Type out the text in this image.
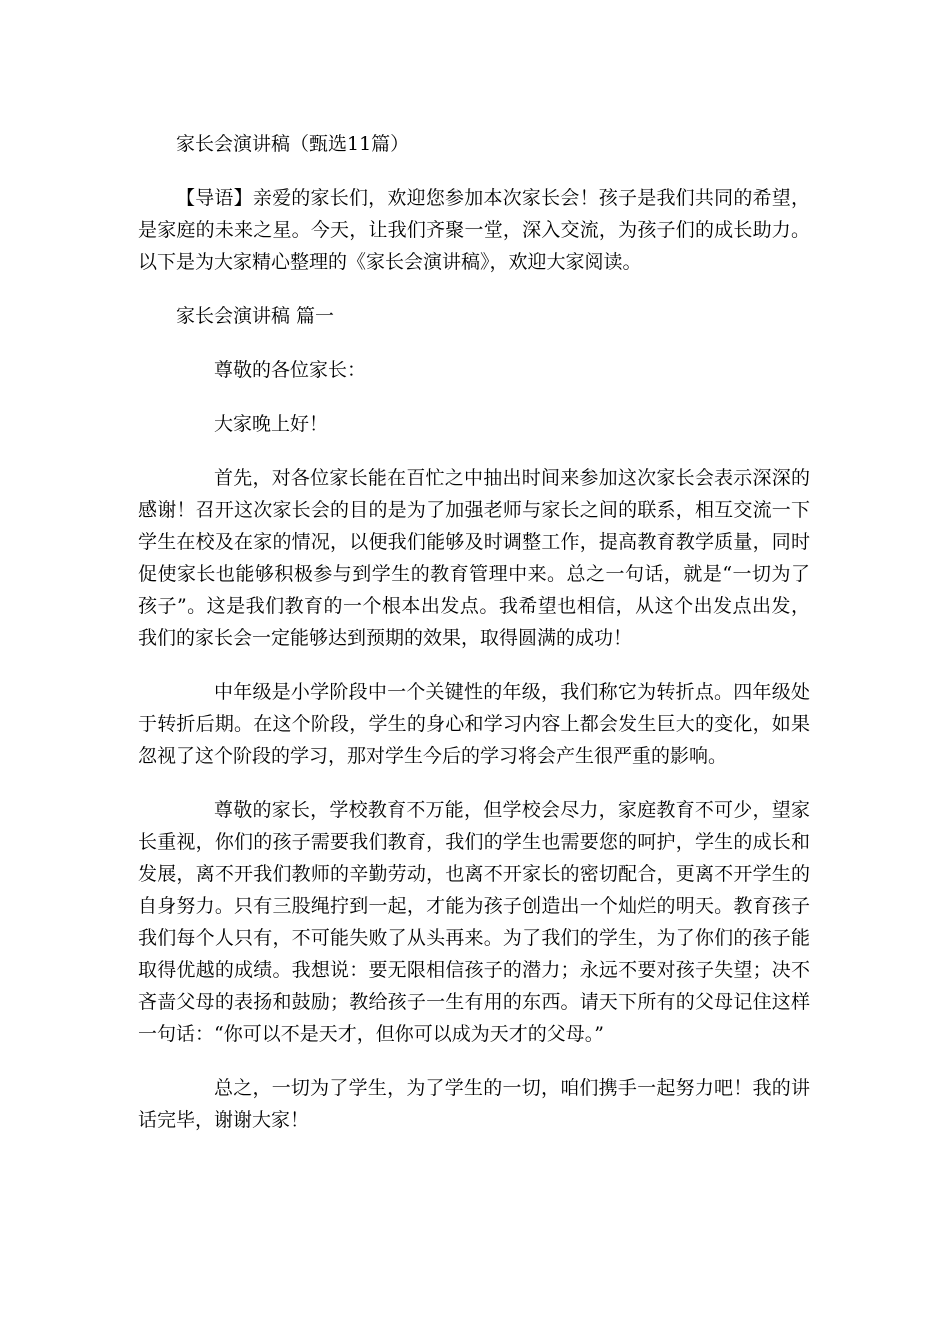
家长会演讲稿（甄选11篇）

【导语】亲爱的家长们，欢迎您参加本次家长会！孩子是我们共同的希望，是家庭的未来之星。今天，让我们齐聚一堂，深入交流，为孩子们的成长助力。以下是为大家精心整理的《家长会演讲稿》，欢迎大家阅读。

家长会演讲稿 篇一

尊敬的各位家长：

大家晚上好！

首先，对各位家长能在百忙之中抽出时间来参加这次家长会表示深深的感谢！召开这次家长会的目的是为了加强老师与家长之间的联系，相互交流一下学生在校及在家的情况，以便我们能够及时调整工作，提高教育教学质量，同时促使家长也能够积极参与到学生的教育管理中来。总之一句话，就是“一切为了孩子”。这是我们教育的一个根本出发点。我希望也相信，从这个出发点出发，我们的家长会一定能够达到预期的效果，取得圆满的成功！

中年级是小学阶段中一个关键性的年级，我们称它为转折点。四年级处于转折后期。在这个阶段，学生的身心和学习内容上都会发生巨大的变化，如果忽视了这个阶段的学习，那对学生今后的学习将会产生很严重的影响。

尊敬的家长，学校教育不万能，但学校会尽力，家庭教育不可少，望家长重视，你们的孩子需要我们教育，我们的学生也需要您的呵护，学生的成长和发展，离不开我们教师的辛勤劳动，也离不开家长的密切配合，更离不开学生的自身努力。只有三股绳拧到一起，才能为孩子创造出一个灿烂的明天。教育孩子我们每个人只有，不可能失败了从头再来。为了我们的学生，为了你们的孩子能取得优越的成绩。我想说：要无限相信孩子的潜力；永远不要对孩子失望；决不吝啬父母的表扬和鼓励；教给孩子一生有用的东西。请天下所有的父母记住这样一句话：“你可以不是天才，但你可以成为天才的父母。”

总之，一切为了学生，为了学生的一切，咱们携手一起努力吧！我的讲话完毕，谢谢大家！
